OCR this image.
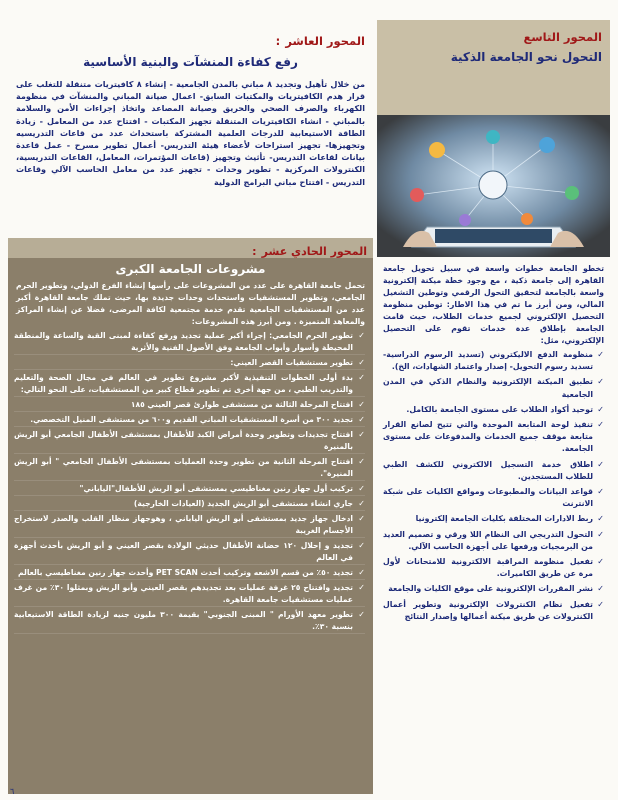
المحور التاسع
التحول نحو الجامعة الذكية
تخطو الجامعة خطوات واسعة في سبيل تحويل جامعة القاهرة إلى جامعة ذكية ، مع وجود خطة ميكنة إلكترونية واسعة بالجامعة لتحقيق التحول الرقمي وتوطين التشغيل المالي، ومن أبرز ما تم في هذا الاطار: توطين منظومة التحصيل الإلكتروني لجميع خدمات الطلاب، حيث قامت الجامعة بإطلاق عدة خدمات تقوم على التحصيل الإلكتروني، مثل:
✓
منظومة الدفع الاليكتروني (تسديد الرسوم الدراسية- تسديد رسوم التحويل- إصدار واعتماد الشهادات، الخ).
✓
تطبيق الميكنة الإلكترونية والنظام الذكي في المدن الجامعية
✓
توحيد أكواد الطلاب على مستوى الجامعة بالكامل.
✓
تنفيذ لوحة المتابعة الموحدة والتي تتيح لصانع القرار متابعة موقف جميع الخدمات والمدفوعات على مستوى الجامعة.
✓
اطلاق خدمة التسجيل الالكتروني للكشف الطبي للطلاب المستجدين.
✓
قواعد البيانات والمطبوعات ومواقع الكليات على شبكة الانترنت
✓
ربط الادارات المختلفة بكليات الجامعة إلكترونيا
✓
التحول التدريجي الى النظام اللا ورقي و تصميم العديد من البرمجيات ورفعها على أجهزة الحاسب الآلي.
✓
تفعيل منظومة المراقبة الالكترونية للامتحانات لأول مرة عن طريق الكاميرات.
✓
نشر المقررات الإلكترونية على موقع الكليات والجامعة
✓
تفعيل نظام الكنترولات الإلكترونية وتطوير أعمال الكنترولات عن طريق ميكنة أعمالها وإصدار النتائج
المحور العاشر :
رفع كفاءة المنشآت والبنية الأساسية
من خلال تأهيل وتجديد ٨ مباني بالمدن الجامعية - إنشاء ٨ كافيتريات متنقلة للتغلب على قرار هدم الكافيتريات والمكتبات السابق- اعمال صيانة المباني والمنشآت في منظومة الكهرباء والصرف الصحي والحريق وصيانة المصاعد واتخاذ إجراءات الأمن والسلامة بالمباني - انشاء الكافيتريات المتنقلة تجهيز المكتبات - افتتاح عدد من المعامل - زيادة الطاقة الاستيعابية للدرجات العلمية المشتركة باستحداث عدد من قاعات التدريسيه وتجهيزها- تجهيز استراحات لأعضاء هيئة التدريس- أعمال تطوير مسرح - عمل قاعدة بيانات لقاعات التدريس- تأثيث وتجهيز (قاعات المؤتمرات، المعامل، القاعات التدريسية، الكنترولات المركزية - تطوير وحدات - تجهيز عدد من معامل الحاسب الآلي وقاعات التدريس - افتتاح مباني البرامج الدولية
المحور الحادي عشر :
مشروعات الجامعة الكبرى
تحمل جامعة القاهرة على عدد من المشروعات على رأسها إنشاء الفرع الدولي، وتطوير الحرم الجامعي، وتطوير المستشفيات واستحداث وحدات جديدة بها، حيث تملك جامعة القاهرة أكبر عدد من المستشفيات الجامعية تقدم خدمة مجتمعية لكافة المرضى، فضلا عن إنشاء المراكز والمعاهد المتميزة . ومن أبرز هذه المشروعات:
✓
تطوير الحرم الجامعي: إجراء أكبر عملية تجديد ورفع كفاءة لمبنى القبة والساعة والمنطقة المحيطة وأسوار وأبواب الجامعة وفق الأصول الفنية والأثرية
✓
تطوير مستشفيات القصر العيني:
✓
بدء أولى الخطوات التنفيذية لأكبر مشروع تطوير في العالم في مجال الصحة والتعليم والتدريب الطبي ، من جهة أخرى تم تطوير قطاع كبير من المستشفيات، على النحو التالي:
✓
افتتاح المرحلة الثالثة من مستشفى طوارئ قصر العيني ١٨٥
✓
تجديد ٣٠٠ من أسرة المستشفيات المباني القديم و٦٠٠ من مستشفى المنيل التخصصي.
✓
افتتاح تجديدات وتطوير وحدة أمراض الكبد للأطفال بمستشفى الأطفال الجامعي أبو الريش بالمنيرة
✓
افتتاح المرحلة الثانية من تطوير وحدة العمليات بمستشفى الأطفال الجامعي " أبو الريش المنيرة".
✓
تركيب أول جهاز رنين مغناطيسي بمستشفى أبو الريش للأطفال"الياباني"
✓
جاري انشاء مستشفى أبو الريش الجديد (العيادات الخارجية)
✓
ادخال جهاز جديد بمستشفى أبو الريش الياباني ، وهوجهاز منظار القلب والصدر لاستخراج الأجسام الغريبة
✓
تجديد و إحلال ١٢٠ حضانة الأطفال حديثي الولادة بقصر العيني و أبو الريش بأحدث أجهزة في العالم
✓
تجديد ٥٠٪ من قسم الاشعه وتركيب أحدث PET SCAN وأحدث جهاز رنين مغناطيسي بالعالم
✓
تجديد وافتتاح ٢٥ غرفة عمليات بعد تجديدهم بقصر العيني وأبو الريش وبمثلوا ٣٠٪ من غرف عمليات مستشفيات جامعة القاهرة.
✓
تطوير معهد الأورام " المبنى الجنوبي" بقيمة ٣٠٠ مليون جنيه لزيادة الطاقة الاستيعابية بنسبة ٣٠٪.
٦
